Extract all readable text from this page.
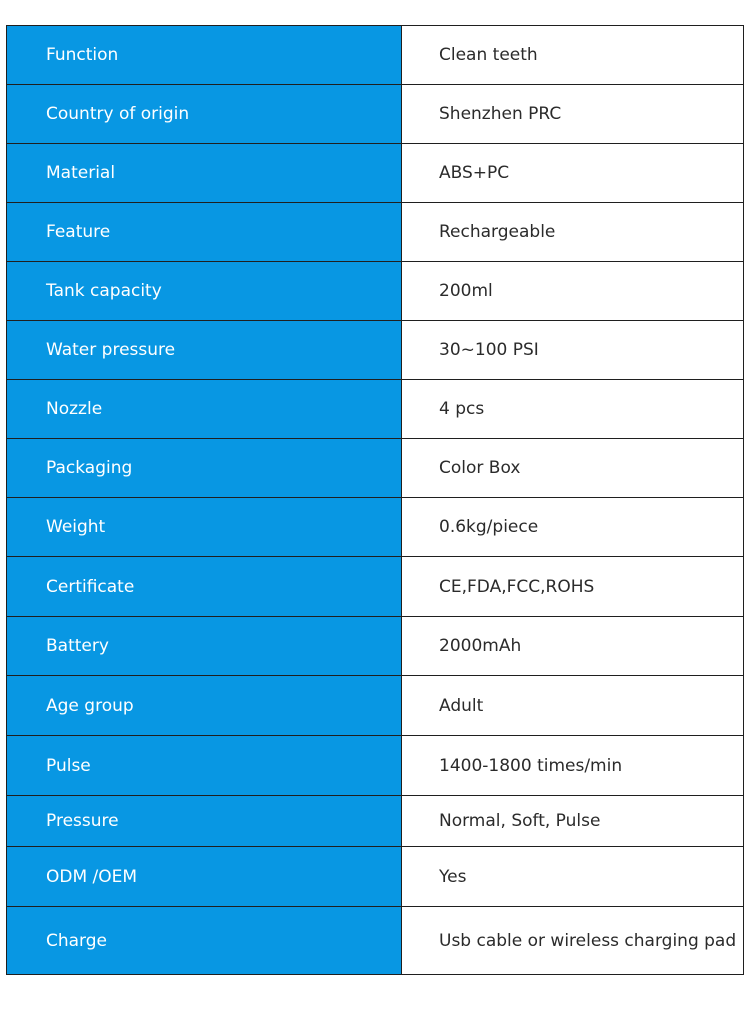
Function	Clean teeth
Country of origin	Shenzhen PRC
Material	ABS+PC
Feature	Rechargeable
Tank capacity	200ml
Water pressure	30~100 PSI
Nozzle	4 pcs
Packaging	Color Box
Weight	0.6kg/piece
Certificate	CE,FDA,FCC,ROHS
Battery	2000mAh
Age group	Adult
Pulse	1400-1800 times/min
Pressure	Normal, Soft, Pulse
ODM /OEM	Yes
Charge	Usb cable or wireless charging pad
